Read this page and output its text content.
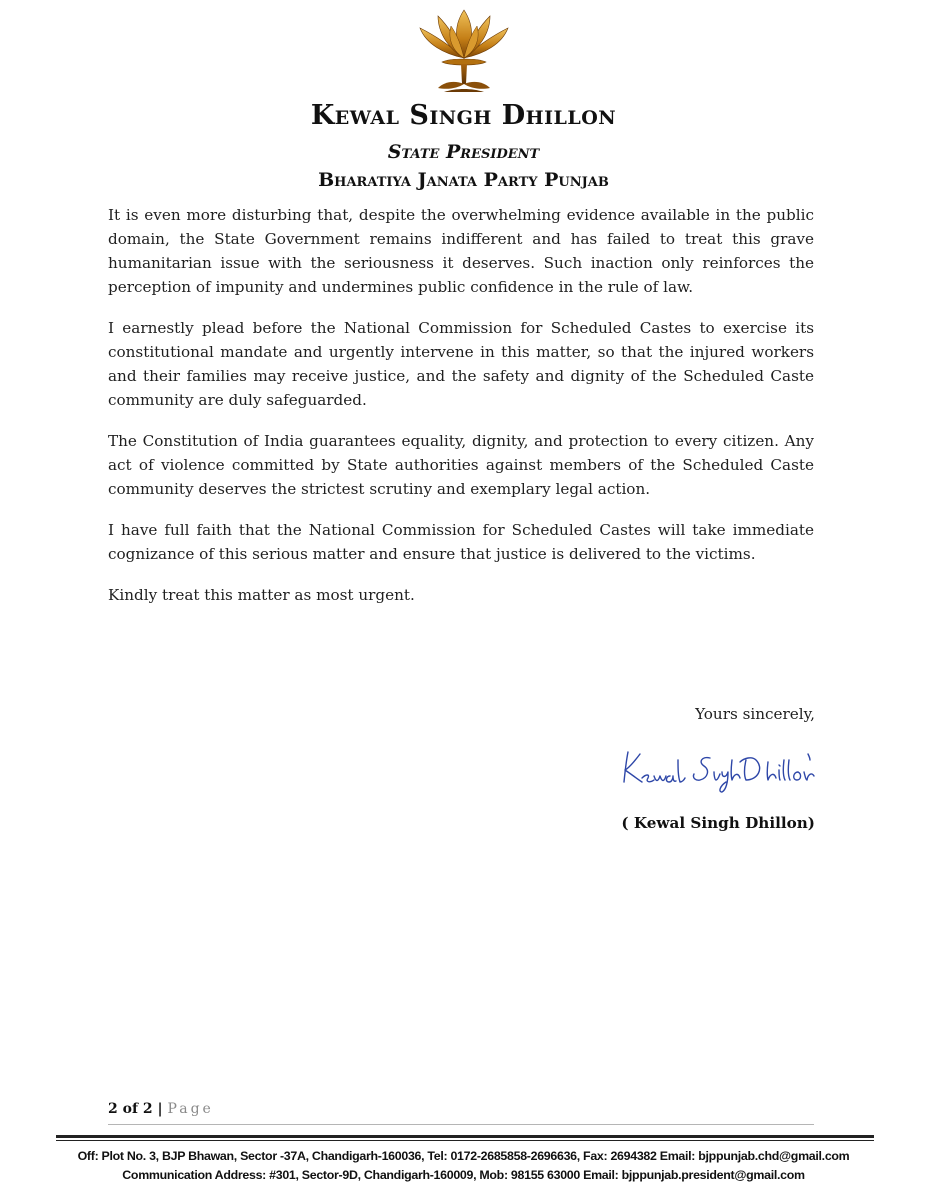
Kewal Singh Dhillon
State President
Bharatiya Janata Party Punjab

It is even more disturbing that, despite the overwhelming evidence available in the public domain, the State Government remains indifferent and has failed to treat this grave humanitarian issue with the seriousness it deserves. Such inaction only reinforces the perception of impunity and undermines public confidence in the rule of law.

I earnestly plead before the National Commission for Scheduled Castes to exercise its constitutional mandate and urgently intervene in this matter, so that the injured workers and their families may receive justice, and the safety and dignity of the Scheduled Caste community are duly safeguarded.

The Constitution of India guarantees equality, dignity, and protection to every citizen. Any act of violence committed by State authorities against members of the Scheduled Caste community deserves the strictest scrutiny and exemplary legal action.

I have full faith that the National Commission for Scheduled Castes will take immediate cognizance of this serious matter and ensure that justice is delivered to the victims.

Kindly treat this matter as most urgent.

Yours sincerely,
( Kewal Singh Dhillon)
2 of 2 | Page
Off: Plot No. 3, BJP Bhawan, Sector -37A, Chandigarh-160036, Tel: 0172-2685858-2696636, Fax: 2694382 Email: bjppunjab.chd@gmail.com
Communication Address: #301, Sector-9D, Chandigarh-160009, Mob: 98155 63000 Email: bjppunjab.president@gmail.com
